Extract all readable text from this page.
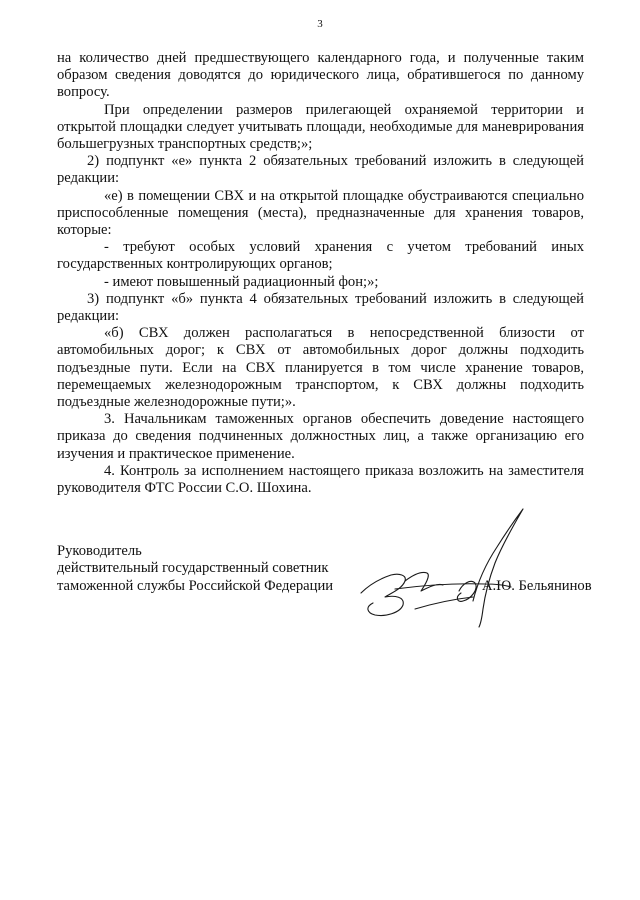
3

на количество дней предшествующего календарного года, и полученные таким образом сведения доводятся до юридического лица, обратившегося по данному вопросу.

При определении размеров прилегающей охраняемой территории и открытой площадки следует учитывать площади, необходимые для маневрирования большегрузных транспортных средств;»;

2) подпункт «е» пункта 2 обязательных требований изложить в следующей редакции:

«е) в помещении СВХ и на открытой площадке обустраиваются специально приспособленные помещения (места), предназначенные для хранения товаров, которые:

- требуют особых условий хранения с учетом требований иных государственных контролирующих органов;

- имеют повышенный радиационный фон;»;

3) подпункт «б» пункта 4 обязательных требований изложить в следующей редакции:

«б) СВХ должен располагаться в непосредственной близости от автомобильных дорог; к СВХ от автомобильных дорог должны подходить подъездные пути. Если на СВХ планируется в том числе хранение товаров, перемещаемых железнодорожным транспортом, к СВХ должны подходить подъездные железнодорожные пути;».

3. Начальникам таможенных органов обеспечить доведение настоящего приказа до сведения подчиненных должностных лиц, а также организацию его изучения и практическое применение.

4. Контроль за исполнением настоящего приказа возложить на заместителя руководителя ФТС России С.О. Шохина.

Руководитель
действительный государственный советник
таможенной службы Российской Федерации	А.Ю. Бельянинов
